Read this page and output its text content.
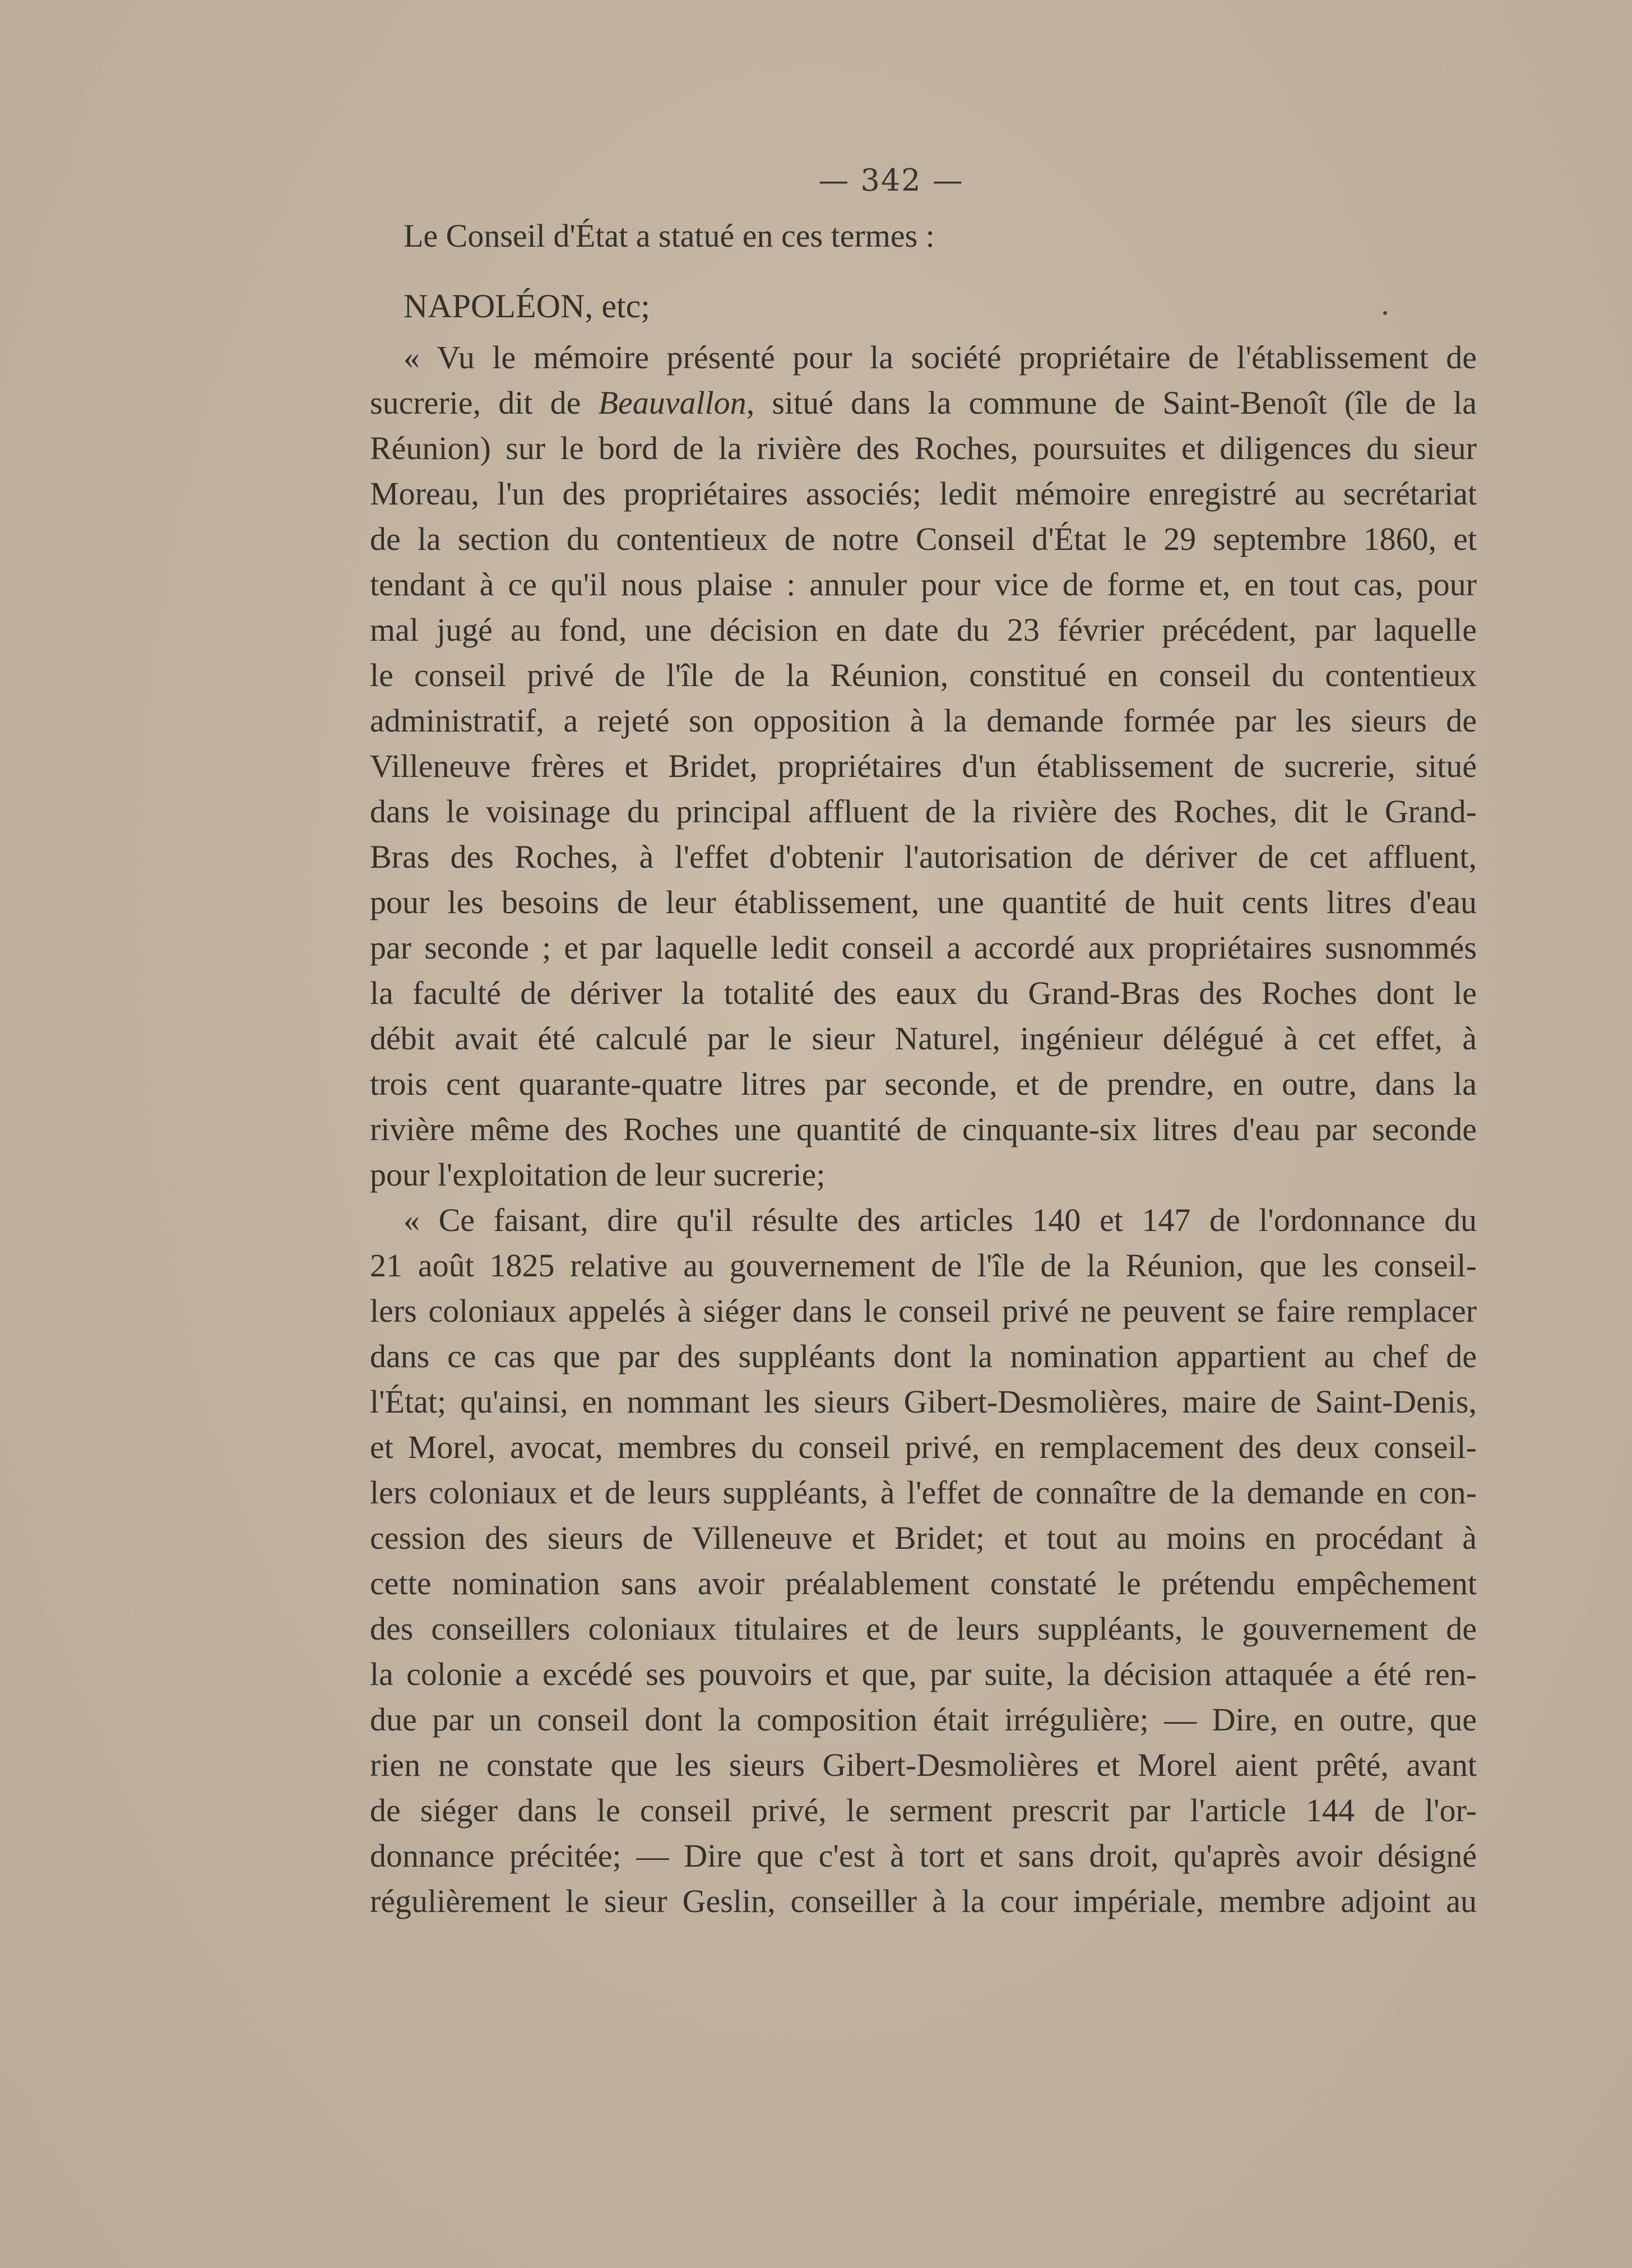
— 342 —
Le Conseil d'État a statué en ces termes :
NAPOLÉON, etc;
« Vu le mémoire présenté pour la société propriétaire de l'établissement de
sucrerie, dit de Beauvallon, situé dans la commune de Saint-Benoît (île de la
Réunion) sur le bord de la rivière des Roches, poursuites et diligences du sieur
Moreau, l'un des propriétaires associés; ledit mémoire enregistré au secrétariat
de la section du contentieux de notre Conseil d'État le 29 septembre 1860, et
tendant à ce qu'il nous plaise : annuler pour vice de forme et, en tout cas, pour
mal jugé au fond, une décision en date du 23 février précédent, par laquelle
le conseil privé de l'île de la Réunion, constitué en conseil du contentieux
administratif, a rejeté son opposition à la demande formée par les sieurs de
Villeneuve frères et Bridet, propriétaires d'un établissement de sucrerie, situé
dans le voisinage du principal affluent de la rivière des Roches, dit le Grand-
Bras des Roches, à l'effet d'obtenir l'autorisation de dériver de cet affluent,
pour les besoins de leur établissement, une quantité de huit cents litres d'eau
par seconde ; et par laquelle ledit conseil a accordé aux propriétaires susnommés
la faculté de dériver la totalité des eaux du Grand-Bras des Roches dont le
débit avait été calculé par le sieur Naturel, ingénieur délégué à cet effet, à
trois cent quarante-quatre litres par seconde, et de prendre, en outre, dans la
rivière même des Roches une quantité de cinquante-six litres d'eau par seconde
pour l'exploitation de leur sucrerie;
« Ce faisant, dire qu'il résulte des articles 140 et 147 de l'ordonnance du
21 août 1825 relative au gouvernement de l'île de la Réunion, que les conseil-
lers coloniaux appelés à siéger dans le conseil privé ne peuvent se faire remplacer
dans ce cas que par des suppléants dont la nomination appartient au chef de
l'État; qu'ainsi, en nommant les sieurs Gibert-Desmolières, maire de Saint-Denis,
et Morel, avocat, membres du conseil privé, en remplacement des deux conseil-
lers coloniaux et de leurs suppléants, à l'effet de connaître de la demande en con-
cession des sieurs de Villeneuve et Bridet; et tout au moins en procédant à
cette nomination sans avoir préalablement constaté le prétendu empêchement
des conseillers coloniaux titulaires et de leurs suppléants, le gouvernement de
la colonie a excédé ses pouvoirs et que, par suite, la décision attaquée a été ren-
due par un conseil dont la composition était irrégulière; — Dire, en outre, que
rien ne constate que les sieurs Gibert-Desmolières et Morel aient prêté, avant
de siéger dans le conseil privé, le serment prescrit par l'article 144 de l'or-
donnance précitée; — Dire que c'est à tort et sans droit, qu'après avoir désigné
régulièrement le sieur Geslin, conseiller à la cour impériale, membre adjoint au
